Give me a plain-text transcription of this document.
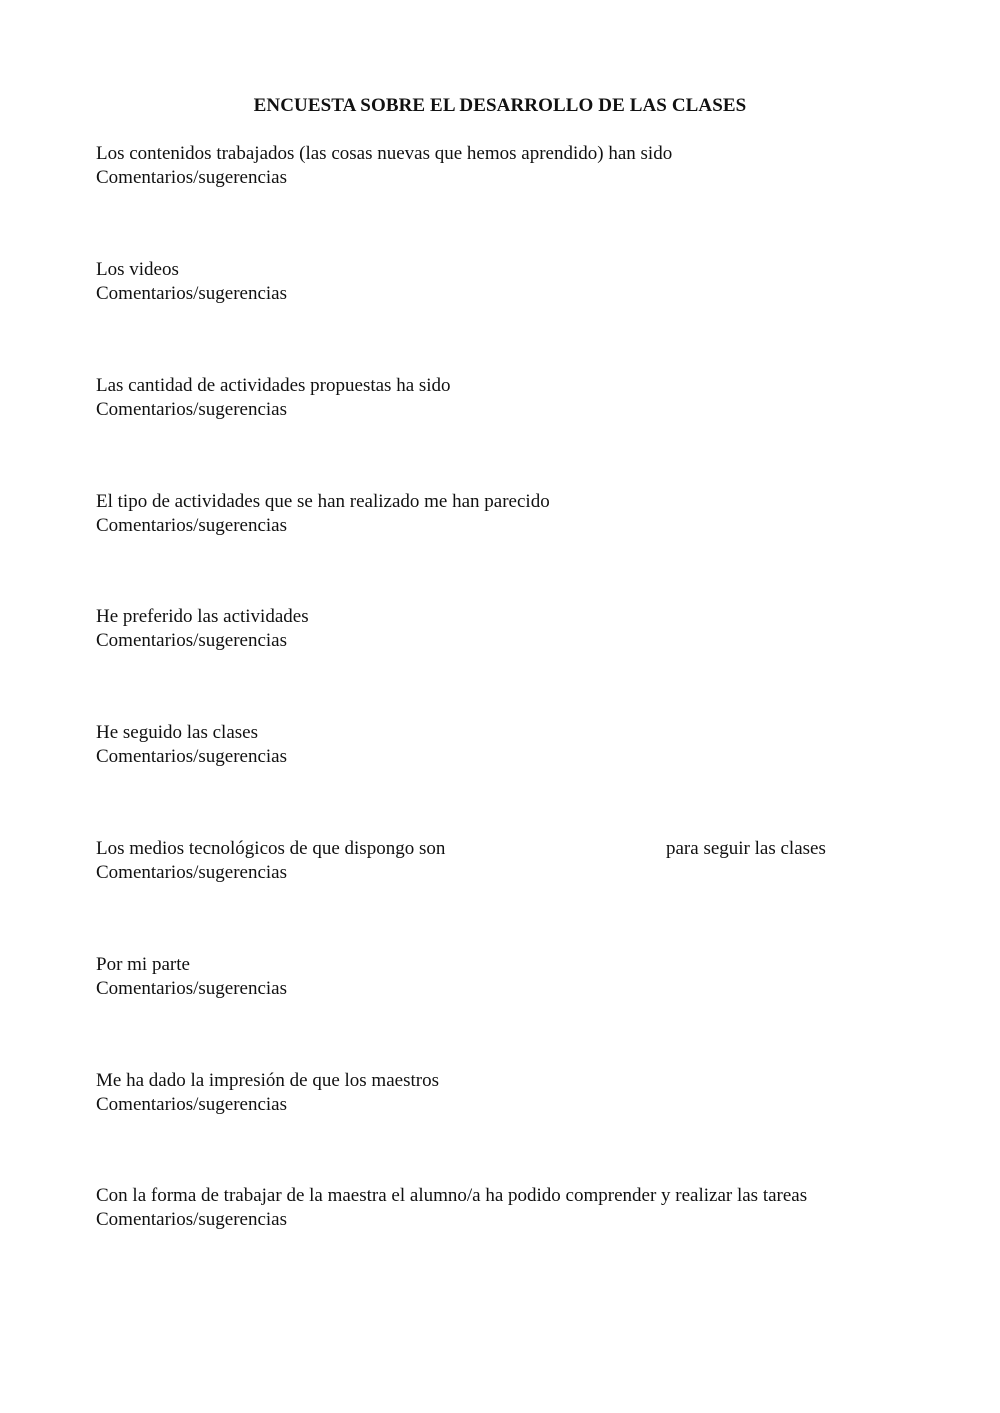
ENCUESTA SOBRE EL DESARROLLO DE LAS CLASES
Los contenidos trabajados (las cosas nuevas que hemos aprendido) han sido
Comentarios/sugerencias
Los videos
Comentarios/sugerencias
Las cantidad de actividades propuestas ha sido
Comentarios/sugerencias
El tipo de actividades que se han realizado me han parecido
Comentarios/sugerencias
He preferido las actividades
Comentarios/sugerencias
He seguido las clases
Comentarios/sugerencias
Los medios tecnológicos de que dispongo son	para seguir las clases
Comentarios/sugerencias
Por mi parte
Comentarios/sugerencias
Me ha dado la impresión de que los maestros
Comentarios/sugerencias
Con la forma de trabajar de la maestra el alumno/a ha podido comprender y realizar las tareas
Comentarios/sugerencias
